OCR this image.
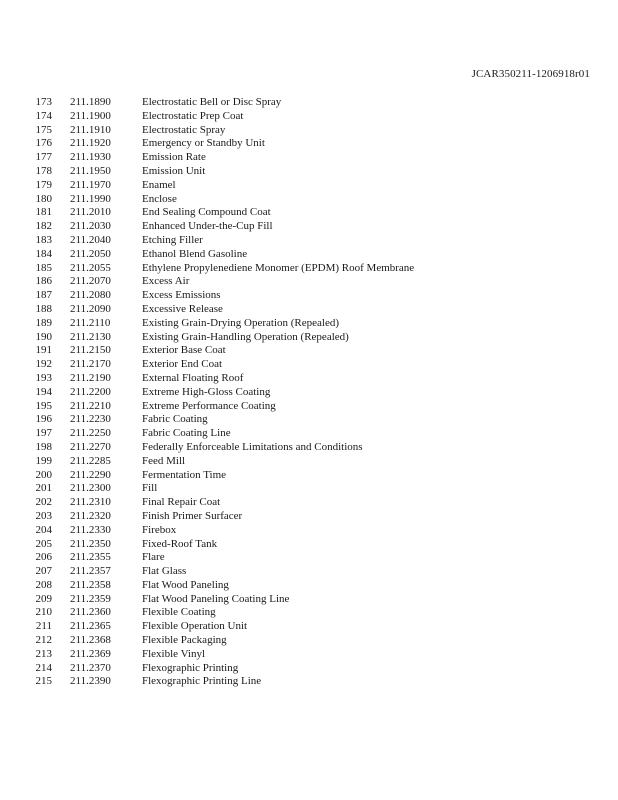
JCAR350211-1206918r01
173 211.1890	Electrostatic Bell or Disc Spray
174 211.1900	Electrostatic Prep Coat
175 211.1910	Electrostatic Spray
176 211.1920	Emergency or Standby Unit
177 211.1930	Emission Rate
178 211.1950	Emission Unit
179 211.1970	Enamel
180 211.1990	Enclose
181 211.2010	End Sealing Compound Coat
182 211.2030	Enhanced Under-the-Cup Fill
183 211.2040	Etching Filler
184 211.2050	Ethanol Blend Gasoline
185 211.2055	Ethylene Propylenediene Monomer (EPDM) Roof Membrane
186 211.2070	Excess Air
187 211.2080	Excess Emissions
188 211.2090	Excessive Release
189 211.2110	Existing Grain-Drying Operation (Repealed)
190 211.2130	Existing Grain-Handling Operation (Repealed)
191 211.2150	Exterior Base Coat
192 211.2170	Exterior End Coat
193 211.2190	External Floating Roof
194 211.2200	Extreme High-Gloss Coating
195 211.2210	Extreme Performance Coating
196 211.2230	Fabric Coating
197 211.2250	Fabric Coating Line
198 211.2270	Federally Enforceable Limitations and Conditions
199 211.2285	Feed Mill
200 211.2290	Fermentation Time
201 211.2300	Fill
202 211.2310	Final Repair Coat
203 211.2320	Finish Primer Surfacer
204 211.2330	Firebox
205 211.2350	Fixed-Roof Tank
206 211.2355	Flare
207 211.2357	Flat Glass
208 211.2358	Flat Wood Paneling
209 211.2359	Flat Wood Paneling Coating Line
210 211.2360	Flexible Coating
211 211.2365	Flexible Operation Unit
212 211.2368	Flexible Packaging
213 211.2369	Flexible Vinyl
214 211.2370	Flexographic Printing
215 211.2390	Flexographic Printing Line
